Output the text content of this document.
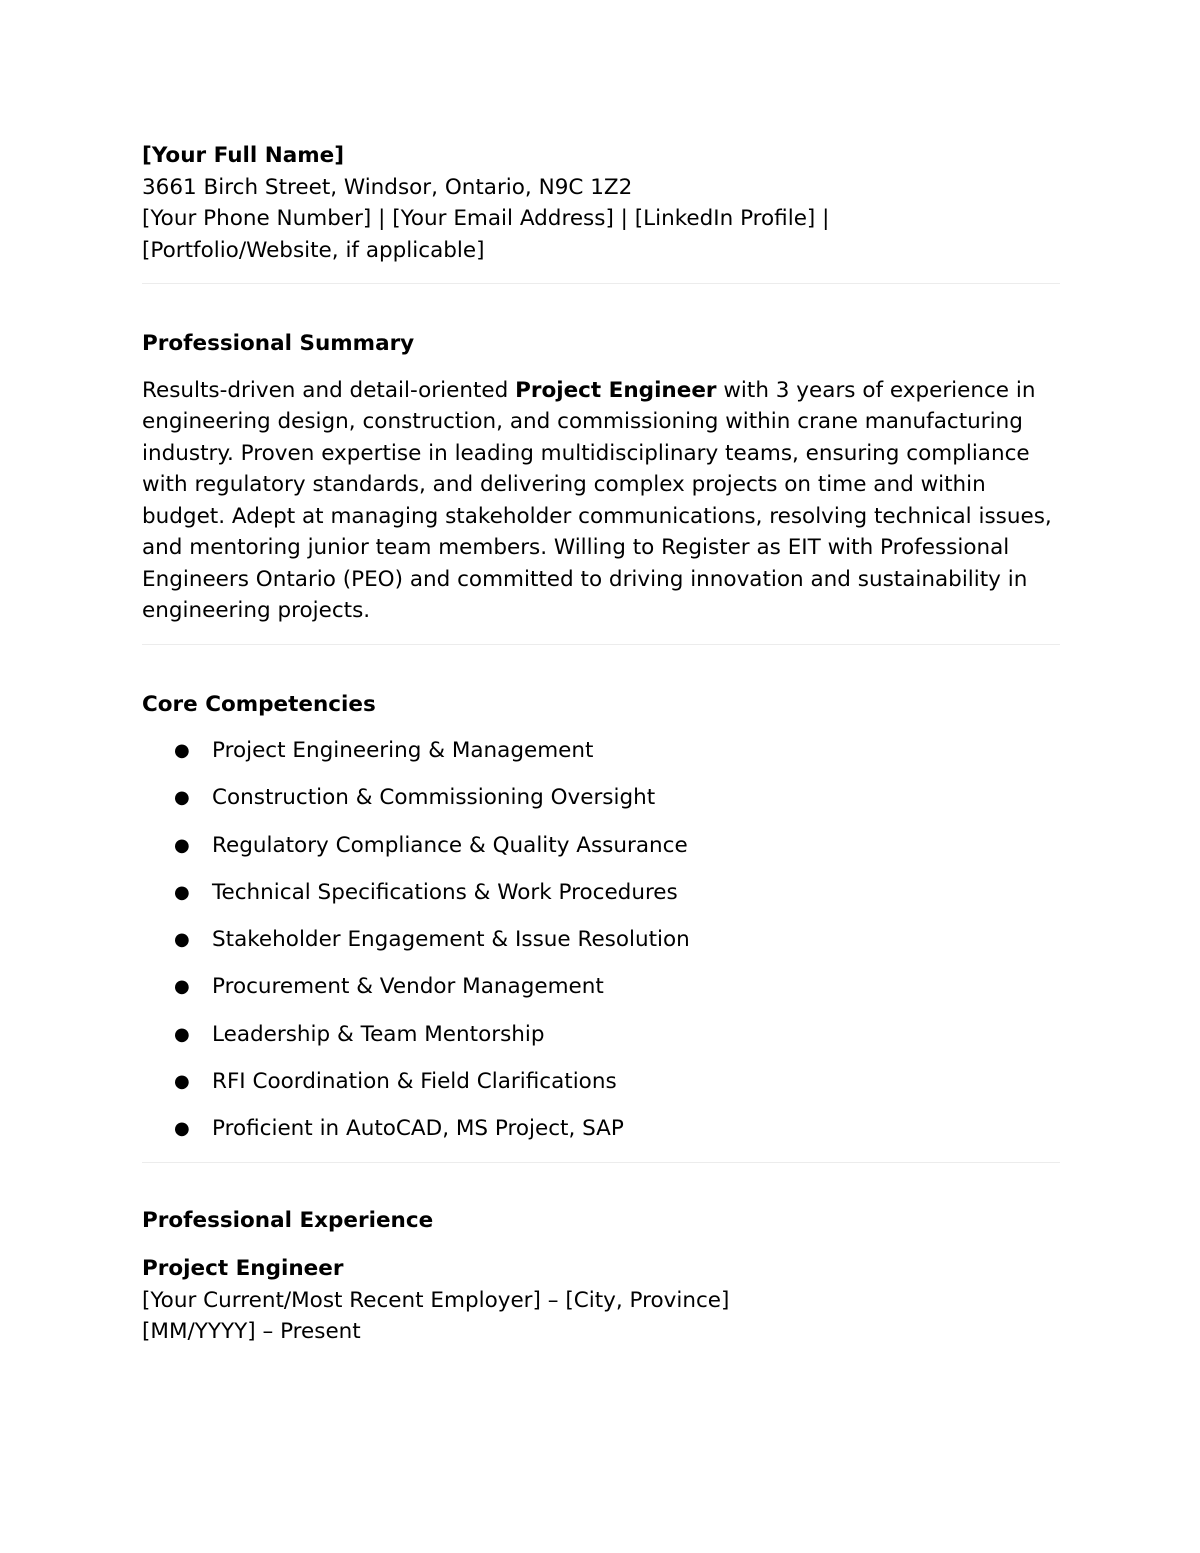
[Your Full Name]
3661 Birch Street, Windsor, Ontario, N9C 1Z2
[Your Phone Number] | [Your Email Address] | [LinkedIn Profile] |
[Portfolio/Website, if applicable]
Professional Summary
Results-driven and detail-oriented Project Engineer with 3 years of experience in engineering design, construction, and commissioning within crane manufacturing industry. Proven expertise in leading multidisciplinary teams, ensuring compliance with regulatory standards, and delivering complex projects on time and within budget. Adept at managing stakeholder communications, resolving technical issues, and mentoring junior team members. Willing to Register as EIT with Professional Engineers Ontario (PEO) and committed to driving innovation and sustainability in engineering projects.
Core Competencies
● Project Engineering & Management
● Construction & Commissioning Oversight
● Regulatory Compliance & Quality Assurance
● Technical Specifications & Work Procedures
● Stakeholder Engagement & Issue Resolution
● Procurement & Vendor Management
● Leadership & Team Mentorship
● RFI Coordination & Field Clarifications
● Proficient in AutoCAD, MS Project, SAP
Professional Experience
Project Engineer
[Your Current/Most Recent Employer] – [City, Province]
[MM/YYYY] – Present
